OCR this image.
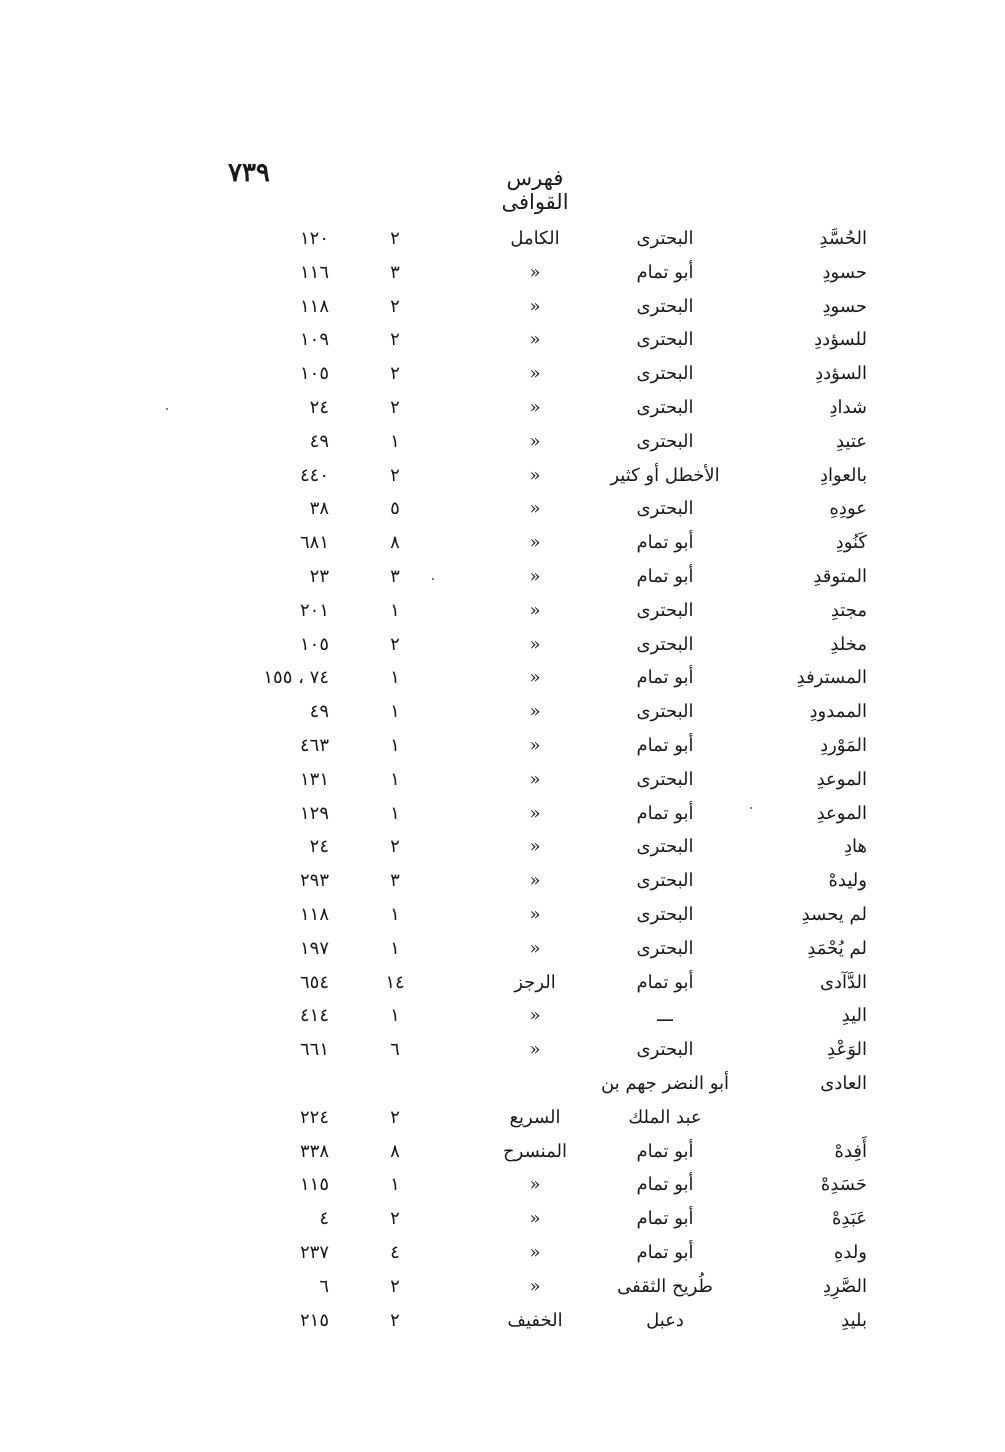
٧٣٩	فهرس القوافى
الحُسَّدِ
البحترى
الكامل
٢
١٢٠
حسودِ
أبو تمام
»
٣
١١٦
حسودِ
البحترى
»
٢
١١٨
للسؤددِ
البحترى
»
٢
١٠٩
السؤددِ
البحترى
»
٢
١٠٥
شدادِ
البحترى
»
٢
٢٤
عتيدِ
البحترى
»
١
٤٩
بالعوادِ
الأخطل أو كثير
»
٢
٤٤٠
عودِهِ
البحترى
»
٥
٣٨
كَنُودِ
أبو تمام
»
٨
٦٨١
المتوقدِ
أبو تمام
»
٣
٢٣
مجتدِ
البحترى
»
١
٢٠١
مخلدِ
البحترى
»
٢
١٠٥
المسترفدِ
أبو تمام
»
١
٧٤ ، ١٥٥
الممدودِ
البحترى
»
١
٤٩
المَوْردِ
أبو تمام
»
١
٤٦٣
الموعدِ
البحترى
»
١
١٣١
الموعدِ
أبو تمام
»
١
١٢٩
هادِ
البحترى
»
٢
٢٤
وليدهْ
البحترى
»
٣
٢٩٣
لم يحسدِ
البحترى
»
١
١١٨
لم يُحْمَدِ
البحترى
»
١
١٩٧
الدَّآدى
أبو تمام
الرجز
١٤
٦٥٤
اليدِ
ـــ
»
١
٤١٤
الوَعْدِ
البحترى
»
٦
٦٦١
العادى
أبو النضر جهم بن
عبد الملك
السريع
٢
٢٢٤
أَفِدهْ
أبو تمام
المنسرح
٨
٣٣٨
حَسَدِهْ
أبو تمام
»
١
١١٥
عَبَدِهْ
أبو تمام
»
٢
٤
ولدهِ
أبو تمام
»
٤
٢٣٧
الصَّرِدِ
طُريح الثقفى
»
٢
٦
بليدِ
دعبل
الخفيف
٢
٢١٥
